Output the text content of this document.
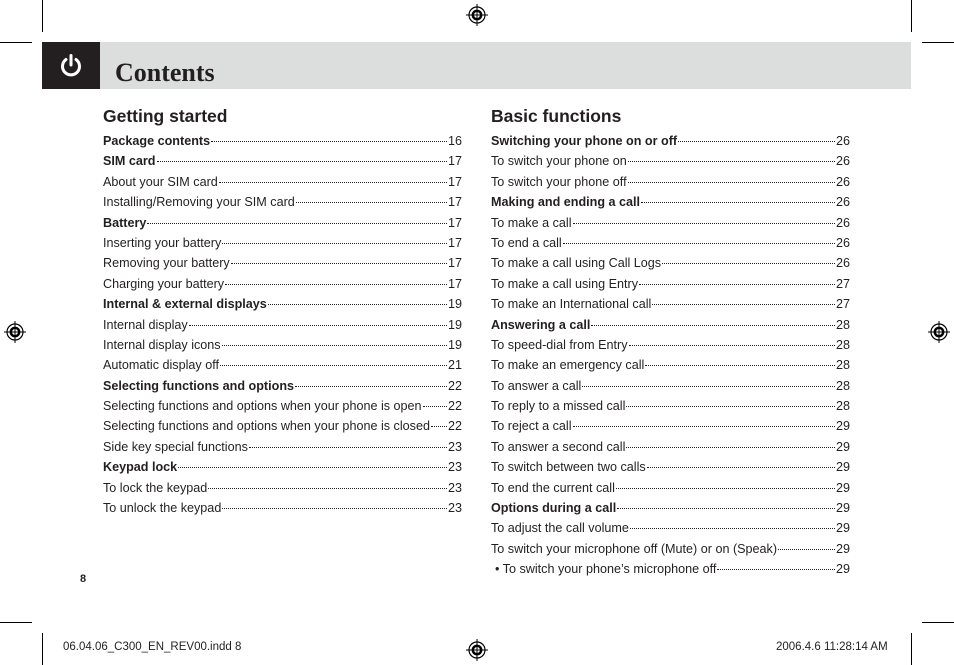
Contents
Getting started
Package contents	16
SIM card	17
About your SIM card	17
Installing/Removing your SIM card	17
Battery	17
Inserting your battery	17
Removing your battery	17
Charging your battery	17
Internal & external displays	19
Internal display	19
Internal display icons	19
Automatic display off	21
Selecting functions and options	22
Selecting functions and options when your phone is open 22
Selecting functions and options when your phone is closed 22
Side key special functions	23
Keypad lock	23
To lock the keypad	23
To unlock the keypad	23
Basic functions
Switching your phone on or off	26
To switch your phone on	26
To switch your phone off	26
Making and ending a call	26
To make a call	26
To end a call	26
To make a call using Call Logs	26
To make a call using Entry	27
To make an International call	27
Answering a call	28
To speed-dial from Entry	28
To make an emergency call	28
To answer a call	28
To reply to a missed call	28
To reject a call	29
To answer a second call	29
To switch between two calls	29
To end the current call	29
Options during a call	29
To adjust the call volume	29
To switch your microphone off (Mute) or on (Speak)	29
• To switch your phone’s microphone off	29
8
06.04.06_C300_EN_REV00.indd 8	2006.4.6 11:28:14 AM
